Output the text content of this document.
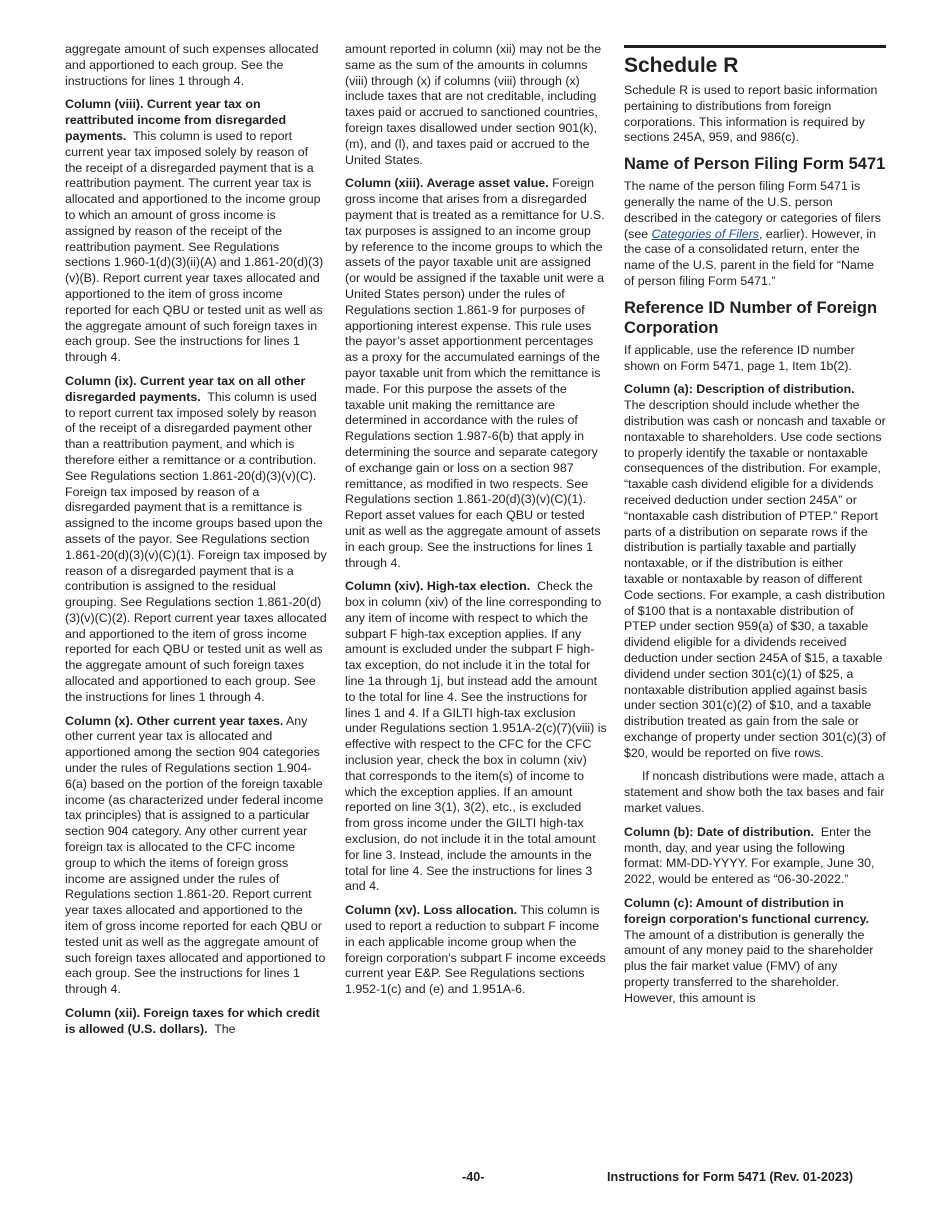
aggregate amount of such expenses allocated and apportioned to each group. See the instructions for lines 1 through 4.

Column (viii). Current year tax on reattributed income from disregarded payments. This column is used to report current year tax imposed solely by reason of the receipt of a disregarded payment that is a reattribution payment. The current year tax is allocated and apportioned to the income group to which an amount of gross income is assigned by reason of the receipt of the reattribution payment. See Regulations sections 1.960-1(d)(3)(ii)(A) and 1.861-20(d)(3)(v)(B). Report current year taxes allocated and apportioned to the item of gross income reported for each QBU or tested unit as well as the aggregate amount of such foreign taxes in each group. See the instructions for lines 1 through 4.

Column (ix). Current year tax on all other disregarded payments. This column is used to report current tax imposed solely by reason of the receipt of a disregarded payment other than a reattribution payment, and which is therefore either a remittance or a contribution. See Regulations section 1.861-20(d)(3)(v)(C). Foreign tax imposed by reason of a disregarded payment that is a remittance is assigned to the income groups based upon the assets of the payor. See Regulations section 1.861-20(d)(3)(v)(C)(1). Foreign tax imposed by reason of a disregarded payment that is a contribution is assigned to the residual grouping. See Regulations section 1.861-20(d)(3)(v)(C)(2). Report current year taxes allocated and apportioned to the item of gross income reported for each QBU or tested unit as well as the aggregate amount of such foreign taxes allocated and apportioned to each group. See the instructions for lines 1 through 4.

Column (x). Other current year taxes. Any other current year tax is allocated and apportioned among the section 904 categories under the rules of Regulations section 1.904-6(a) based on the portion of the foreign taxable income (as characterized under federal income tax principles) that is assigned to a particular section 904 category. Any other current year foreign tax is allocated to the CFC income group to which the items of foreign gross income are assigned under the rules of Regulations section 1.861-20. Report current year taxes allocated and apportioned to the item of gross income reported for each QBU or tested unit as well as the aggregate amount of such foreign taxes allocated and apportioned to each group. See the instructions for lines 1 through 4.

Column (xii). Foreign taxes for which credit is allowed (U.S. dollars). The

amount reported in column (xii) may not be the same as the sum of the amounts in columns (viii) through (x) if columns (viii) through (x) include taxes that are not creditable, including taxes paid or accrued to sanctioned countries, foreign taxes disallowed under section 901(k), (m), and (l), and taxes paid or accrued to the United States.

Column (xiii). Average asset value. Foreign gross income that arises from a disregarded payment that is treated as a remittance for U.S. tax purposes is assigned to an income group by reference to the income groups to which the assets of the payor taxable unit are assigned (or would be assigned if the taxable unit were a United States person) under the rules of Regulations section 1.861-9 for purposes of apportioning interest expense. This rule uses the payor’s asset apportionment percentages as a proxy for the accumulated earnings of the payor taxable unit from which the remittance is made. For this purpose the assets of the taxable unit making the remittance are determined in accordance with the rules of Regulations section 1.987-6(b) that apply in determining the source and separate category of exchange gain or loss on a section 987 remittance, as modified in two respects. See Regulations section 1.861-20(d)(3)(v)(C)(1). Report asset values for each QBU or tested unit as well as the aggregate amount of assets in each group. See the instructions for lines 1 through 4.

Column (xiv). High-tax election. Check the box in column (xiv) of the line corresponding to any item of income with respect to which the subpart F high-tax exception applies. If any amount is excluded under the subpart F high-tax exception, do not include it in the total for line 1a through 1j, but instead add the amount to the total for line 4. See the instructions for lines 1 and 4. If a GILTI high-tax exclusion under Regulations section 1.951A-2(c)(7)(viii) is effective with respect to the CFC for the CFC inclusion year, check the box in column (xiv) that corresponds to the item(s) of income to which the exception applies. If an amount reported on line 3(1), 3(2), etc., is excluded from gross income under the GILTI high-tax exclusion, do not include it in the total amount for line 3. Instead, include the amounts in the total for line 4. See the instructions for lines 3 and 4.

Column (xv). Loss allocation. This column is used to report a reduction to subpart F income in each applicable income group when the foreign corporation's subpart F income exceeds current year E&P. See Regulations sections 1.952-1(c) and (e) and 1.951A-6.

Schedule R

Schedule R is used to report basic information pertaining to distributions from foreign corporations. This information is required by sections 245A, 959, and 986(c).

Name of Person Filing Form 5471

The name of the person filing Form 5471 is generally the name of the U.S. person described in the category or categories of filers (see Categories of Filers, earlier). However, in the case of a consolidated return, enter the name of the U.S. parent in the field for “Name of person filing Form 5471.”

Reference ID Number of Foreign Corporation

If applicable, use the reference ID number shown on Form 5471, page 1, Item 1b(2).

Column (a): Description of distribution.   The description should include whether the distribution was cash or noncash and taxable or nontaxable to shareholders. Use code sections to properly identify the taxable or nontaxable consequences of the distribution. For example, “taxable cash dividend eligible for a dividends received deduction under section 245A” or “nontaxable cash distribution of PTEP.” Report parts of a distribution on separate rows if the distribution is partially taxable and partially nontaxable, or if the distribution is either taxable or nontaxable by reason of different Code sections. For example, a cash distribution of $100 that is a nontaxable distribution of PTEP under section 959(a) of $30, a taxable dividend eligible for a dividends received deduction under section 245A of $15, a taxable dividend under section 301(c)(1) of $25, a nontaxable distribution applied against basis under section 301(c)(2) of $10, and a taxable distribution treated as gain from the sale or exchange of property under section 301(c)(3) of $20, would be reported on five rows.

If noncash distributions were made, attach a statement and show both the tax bases and fair market values.

Column (b): Date of distribution. Enter the month, day, and year using the following format: MM-DD-YYYY. For example, June 30, 2022, would be entered as “06-30-2022.”

Column (c): Amount of distribution in foreign corporation's functional currency.  The amount of a distribution is generally the amount of any money paid to the shareholder plus the fair market value (FMV) of any property transferred to the shareholder. However, this amount is

-40-	Instructions for Form 5471 (Rev. 01-2023)
